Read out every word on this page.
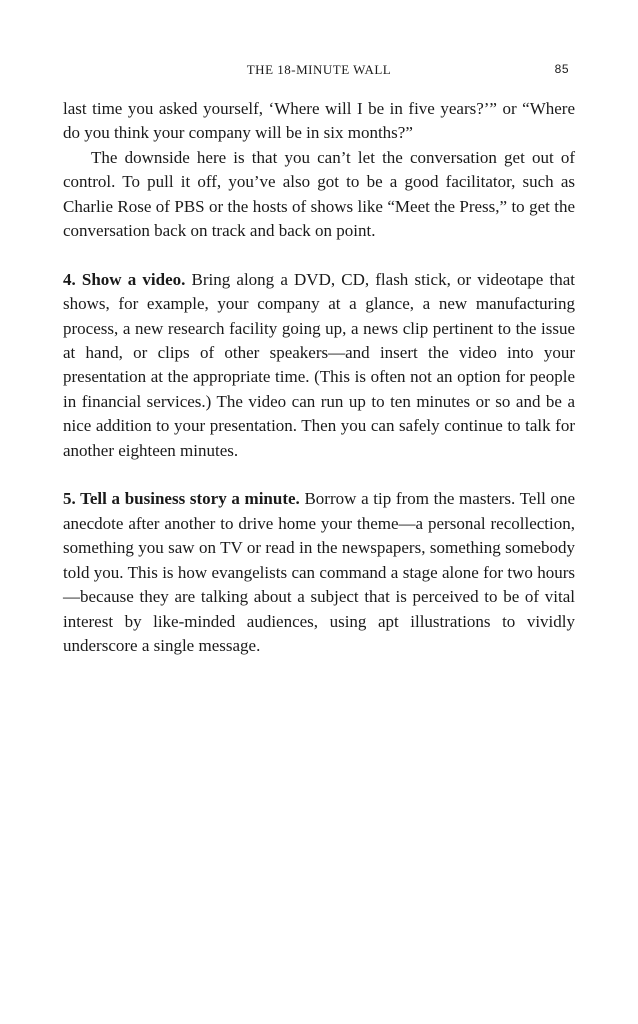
THE 18-MINUTE WALL	85

last time you asked yourself, ‘Where will I be in five years?’” or “Where do you think your company will be in six months?”

The downside here is that you can’t let the conversation get out of control. To pull it off, you’ve also got to be a good facilitator, such as Charlie Rose of PBS or the hosts of shows like “Meet the Press,” to get the conversation back on track and back on point.

4. Show a video. Bring along a DVD, CD, flash stick, or videotape that shows, for example, your company at a glance, a new manufacturing process, a new research facility going up, a news clip pertinent to the issue at hand, or clips of other speakers—and insert the video into your presentation at the appropriate time. (This is often not an option for people in financial services.) The video can run up to ten minutes or so and be a nice addition to your presentation. Then you can safely continue to talk for another eighteen minutes.

5. Tell a business story a minute. Borrow a tip from the masters. Tell one anecdote after another to drive home your theme—a personal recollection, something you saw on TV or read in the newspapers, something somebody told you. This is how evangelists can command a stage alone for two hours—because they are talking about a subject that is perceived to be of vital interest by like-minded audiences, using apt illustrations to vividly underscore a single message.
